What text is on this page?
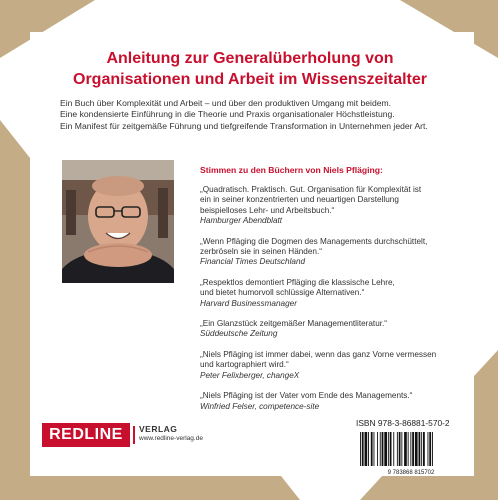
Anleitung zur Generalüberholung von
Organisationen und Arbeit im Wissenszeitalter
Ein Buch über Komplexität und Arbeit – und über den produktiven Umgang mit beidem.
Eine kondensierte Einführung in die Theorie und Praxis organisationaler Höchstleistung.
Ein Manifest für zeitgemäße Führung und tiefgreifende Transformation in Unternehmen jeder Art.
Stimmen zu den Büchern von Niels Pfläging:
„Quadratisch. Praktisch. Gut. Organisation für Komplexität ist
ein in seiner konzentrierten und neuartigen Darstellung
beispielloses Lehr- und Arbeitsbuch.“
Hamburger Abendblatt
„Wenn Pfläging die Dogmen des Managements durchschüttelt,
zerbröseln sie in seinen Händen.“
Financial Times Deutschland
„Respektlos demontiert Pfläging die klassische Lehre,
und bietet humorvoll schlüssige Alternativen.“
Harvard Businessmanager
„Ein Glanzstück zeitgemäßer Managementliteratur.“
Süddeutsche Zeitung
„Niels Pfläging ist immer dabei, wenn das ganz Vorne vermessen
und kartographiert wird.“
Peter Felixberger, changeX
„Niels Pfläging ist der Vater vom Ende des Managements.“
Winfried Felser, competence-site
REDLINE	VERLAG
www.redline-verlag.de
ISBN 978-3-86881-570-2
9 783868 815702
